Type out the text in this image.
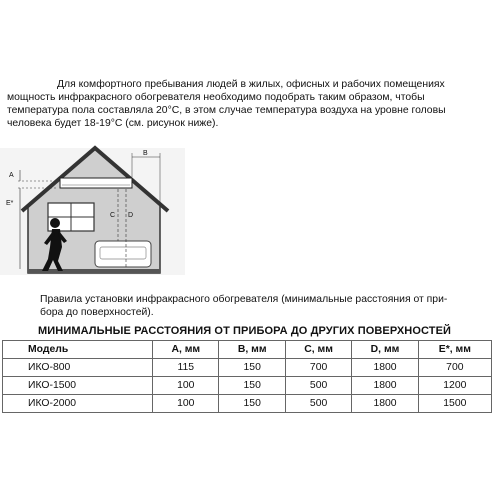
Для комфортного пребывания людей в жилых, офисных и рабочих помещениях
мощность инфракрасного обогревателя необходимо подобрать таким образом, чтобы
температура пола составляла 20°C, в этом случае температура воздуха на уровне головы
человека будет 18-19°C (см. рисунок ниже).
A
E*
B
C D
Правила установки инфракрасного обогревателя (минимальные расстояния от при-
бора до поверхностей).
МИНИМАЛЬНЫЕ РАССТОЯНИЯ ОТ ПРИБОРА ДО ДРУГИХ ПОВЕРХНОСТЕЙ
Модель	А, мм	В, мм	С, мм	D, мм	E*, мм
ИКО-800	115	150	700	1800	700
ИКО-1500	100	150	500	1800	1200
ИКО-2000	100	150	500	1800	1500
